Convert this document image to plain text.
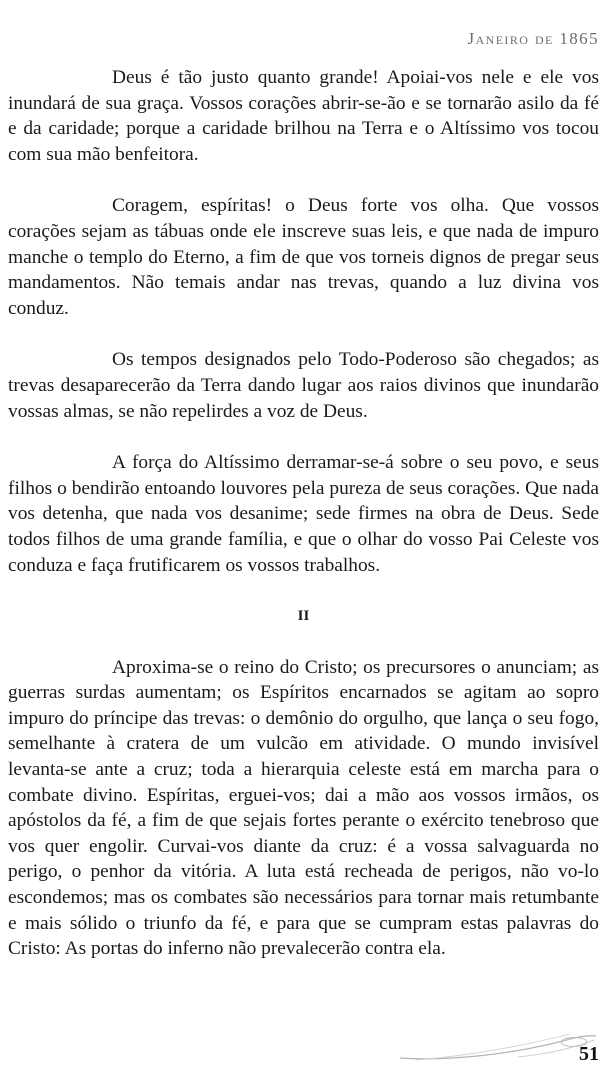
Janeiro de 1865

Deus é tão justo quanto grande! Apoiai-vos nele e ele vos inundará de sua graça. Vossos corações abrir-se-ão e se tornarão asilo da fé e da caridade; porque a caridade brilhou na Terra e o Altíssimo vos tocou com sua mão benfeitora.

Coragem, espíritas! o Deus forte vos olha. Que vossos corações sejam as tábuas onde ele inscreve suas leis, e que nada de impuro manche o templo do Eterno, a fim de que vos torneis dignos de pregar seus mandamentos. Não temais andar nas trevas, quando a luz divina vos conduz.

Os tempos designados pelo Todo-Poderoso são chegados; as trevas desaparecerão da Terra dando lugar aos raios divinos que inundarão vossas almas, se não repelirdes a voz de Deus.

A força do Altíssimo derramar-se-á sobre o seu povo, e seus filhos o bendirão entoando louvores pela pureza de seus corações. Que nada vos detenha, que nada vos desanime; sede firmes na obra de Deus. Sede todos filhos de uma grande família, e que o olhar do vosso Pai Celeste vos conduza e faça frutificarem os vossos trabalhos.

II

Aproxima-se o reino do Cristo; os precursores o anunciam; as guerras surdas aumentam; os Espíritos encarnados se agitam ao sopro impuro do príncipe das trevas: o demônio do orgulho, que lança o seu fogo, semelhante à cratera de um vulcão em atividade. O mundo invisível levanta-se ante a cruz; toda a hierarquia celeste está em marcha para o combate divino. Espíritas, erguei-vos; dai a mão aos vossos irmãos, os apóstolos da fé, a fim de que sejais fortes perante o exército tenebroso que vos quer engolir. Curvai-vos diante da cruz: é a vossa salvaguarda no perigo, o penhor da vitória. A luta está recheada de perigos, não vo-lo escondemos; mas os combates são necessários para tornar mais retumbante e mais sólido o triunfo da fé, e para que se cumpram estas palavras do Cristo: As portas do inferno não prevalecerão contra ela.

51
